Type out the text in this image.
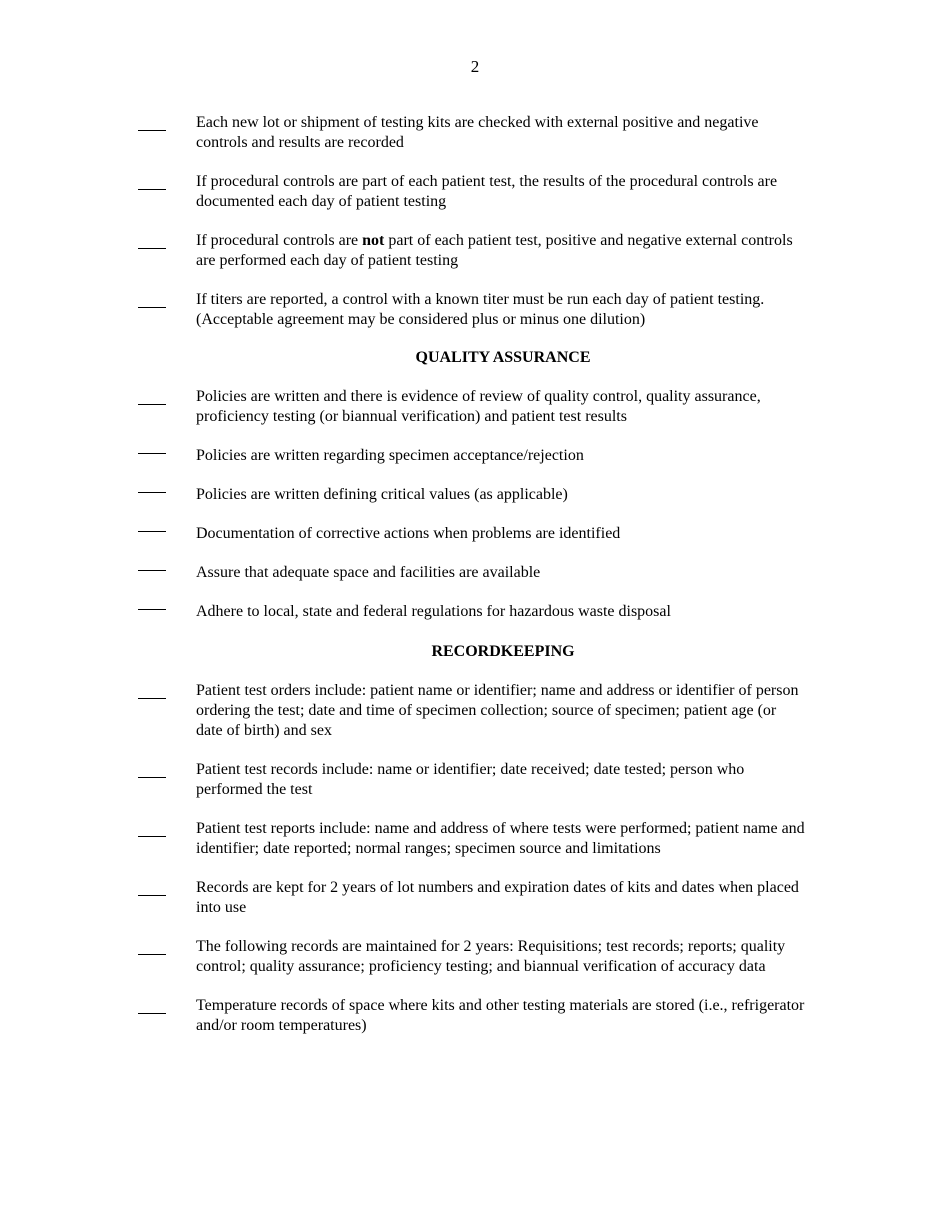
2
Each new lot or shipment of testing kits are checked with external positive and negative controls and results are recorded
If procedural controls are part of each patient test, the results of the procedural controls are documented each day of patient testing
If procedural controls are not part of each patient test, positive and negative external controls are performed each day of patient testing
If titers are reported, a control with a known titer must be run each day of patient testing. (Acceptable agreement may be considered plus or minus one dilution)
QUALITY ASSURANCE
Policies are written and there is evidence of review of quality control, quality assurance, proficiency testing (or biannual verification) and patient test results
Policies are written regarding specimen acceptance/rejection
Policies are written defining critical values (as applicable)
Documentation of corrective actions when problems are identified
Assure that adequate space and facilities are available
Adhere to local, state and federal regulations for hazardous waste disposal
RECORDKEEPING
Patient test orders include: patient name or identifier; name and address or identifier of person ordering the test; date and time of specimen collection; source of specimen; patient age (or date of birth) and sex
Patient test records include: name or identifier; date received; date tested; person who performed the test
Patient test reports include: name and address of where tests were performed; patient name and identifier; date reported; normal ranges; specimen source and limitations
Records are kept for 2 years of lot numbers and expiration dates of kits and dates when placed   into use
The following records are maintained for 2 years: Requisitions; test records; reports; quality control; quality assurance; proficiency testing; and biannual verification of accuracy data
Temperature records of space where kits and other testing materials are stored (i.e., refrigerator and/or room temperatures)
